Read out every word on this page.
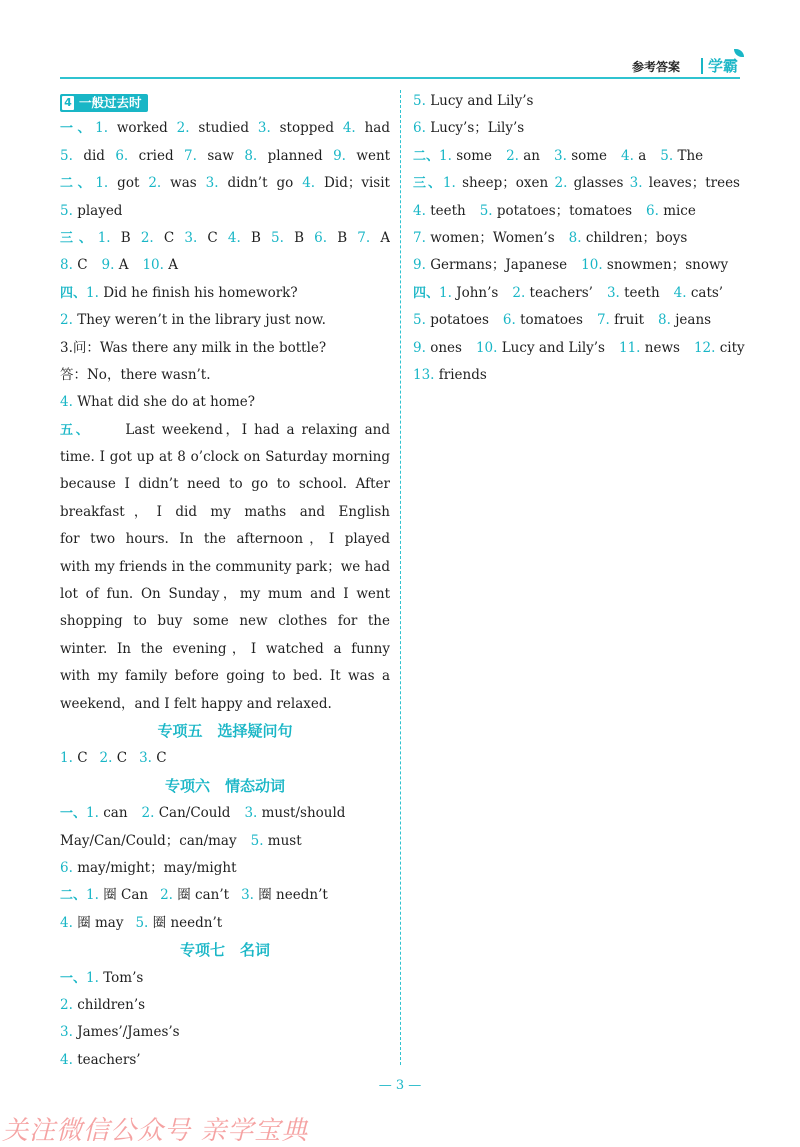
参考答案 学霸
4 一般过去时
一、1. worked 2. studied 3. stopped 4. had
5. did 6. cried 7. saw 8. planned 9. went
二、1. got 2. was 3. didn’t go 4. Did；visit
5. played
三、1. B 2. C 3. C 4. B 5. B 6. B 7. A
8. C 9. A 10. A
四、1. Did he finish his homework?
2. They weren’t in the library just now.
3.问：Was there any milk in the bottle?
答：No，there wasn’t.
4. What did she do at home?
五、	Last weekend，I had a relaxing and
time. I got up at 8 o’clock on Saturday morning
because I didn’t need to go to school. After
breakfast，I did my maths and English
for two hours. In the afternoon，I played
with my friends in the community park；we had
lot of fun. On Sunday，my mum and I went
shopping to buy some new clothes for the
winter. In the evening，I watched a funny
with my family before going to bed. It was a
weekend，and I felt happy and relaxed.
专项五　选择疑问句
1. C 2. C 3. C
专项六　情态动词
一、1. can 2. Can/Could 3. must/should
May/Can/Could；can/may 5. must
6. may/might；may/might
二、1. 圈 Can 2. 圈 can’t 3. 圈 needn’t
4. 圈 may 5. 圈 needn’t
专项七　名词
一、1. Tom’s
2. children’s
3. James’/James’s
4. teachers’
5. Lucy and Lily’s
6. Lucy’s；Lily’s
二、1. some 2. an 3. some 4. a 5. The
三、1. sheep；oxen 2. glasses 3. leaves；trees
4. teeth 5. potatoes；tomatoes 6. mice
7. women；Women’s 8. children；boys
9. Germans；Japanese 10. snowmen；snowy
四、1. John’s 2. teachers’ 3. teeth 4. cats’
5. potatoes 6. tomatoes 7. fruit 8. jeans
9. ones 10. Lucy and Lily’s 11. news 12. city
13. friends
— 3 —
关注微信公众号 亲学宝典
